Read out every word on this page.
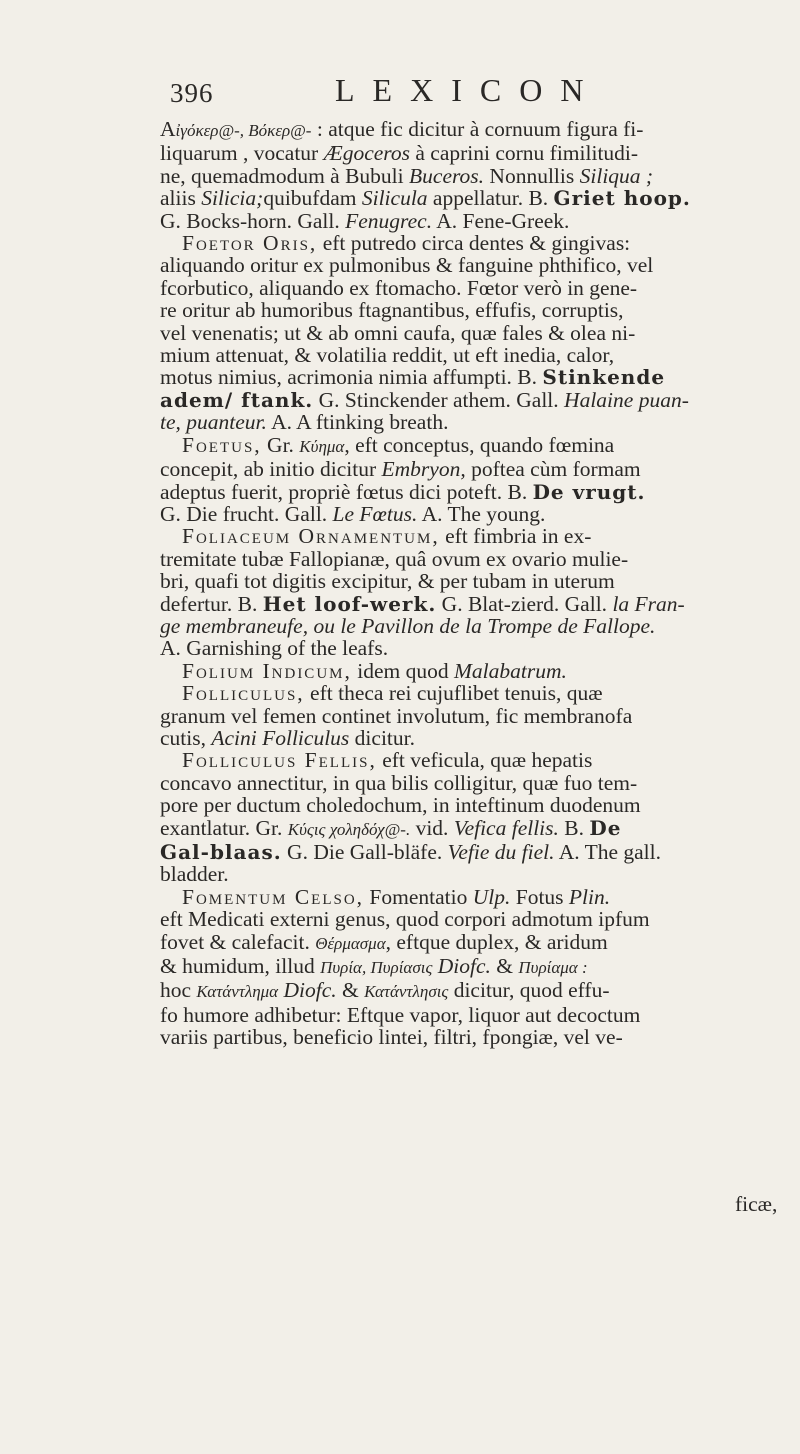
396	LEXICON
Aἰγόκερ@-, Βόκερ@- : atque fic dicitur à cornuum figura fi-
liquarum , vocatur Ægoceros à caprini cornu fimilitudi-
ne, quemadmodum à Bubuli Buceros. Nonnullis Siliqua ;
aliis Silicia;quibufdam Silicula appellatur. B. Griet hoop.
G. Bocks-horn. Gall. Fenugrec. A. Fene-Greek.
Foetor Oris, eft putredo circa dentes & gingivas:
aliquando oritur ex pulmonibus & fanguine phthifico, vel
fcorbutico, aliquando ex ftomacho. Fœtor verò in gene-
re oritur ab humoribus ftagnantibus, effufis, corruptis,
vel venenatis; ut & ab omni caufa, quæ fales & olea ni-
mium attenuat, & volatilia reddit, ut eft inedia, calor,
motus nimius, acrimonia nimia affumpti. B. Stinkende
adem/ ftank. G. Stinckender athem. Gall. Halaine puan-
te, puanteur. A. A ftinking breath.
Foetus, Gr. Κύημα, eft conceptus, quando fœmina
concepit, ab initio dicitur Embryon, poftea cùm formam
adeptus fuerit, propriè fœtus dici poteft. B. De vrugt.
G. Die frucht. Gall. Le Fœtus. A. The young.
Foliaceum Ornamentum, eft fimbria in ex-
tremitate tubæ Fallopianæ, quâ ovum ex ovario mulie-
bri, quafi tot digitis excipitur, & per tubam in uterum
defertur. B. Het loof-werk. G. Blat-zierd. Gall. la Fran-
ge membraneufe, ou le Pavillon de la Trompe de Fallope.
A. Garnishing of the leafs.
Folium Indicum, idem quod Malabatrum.
Folliculus, eft theca rei cujuflibet tenuis, quæ
granum vel femen continet involutum, fic membranofa
cutis, Acini Folliculus dicitur.
Folliculus Fellis, eft veficula, quæ hepatis
concavo annectitur, in qua bilis colligitur, quæ fuo tem-
pore per ductum choledochum, in inteftinum duodenum
exantlatur. Gr. Κύςις χοληδόχ@-. vid. Vefica fellis. B. De
Gal-blaas. G. Die Gall-bläfe. Vefie du fiel. A. The gall.
bladder.
Fomentum Celso, Fomentatio Ulp. Fotus Plin.
eft Medicati externi genus, quod corpori admotum ipfum
fovet & calefacit. Θέρμασμα, eftque duplex, & aridum
& humidum, illud Πυρία, Πυρίασις Diofc. & Πυρίαμα :
hoc Κατάντλημα Diofc. & Κατάντλησις dicitur, quod effu-
fo humore adhibetur: Eftque vapor, liquor aut decoctum
variis partibus, beneficio lintei, filtri, fpongiæ, vel ve-
ficæ,
